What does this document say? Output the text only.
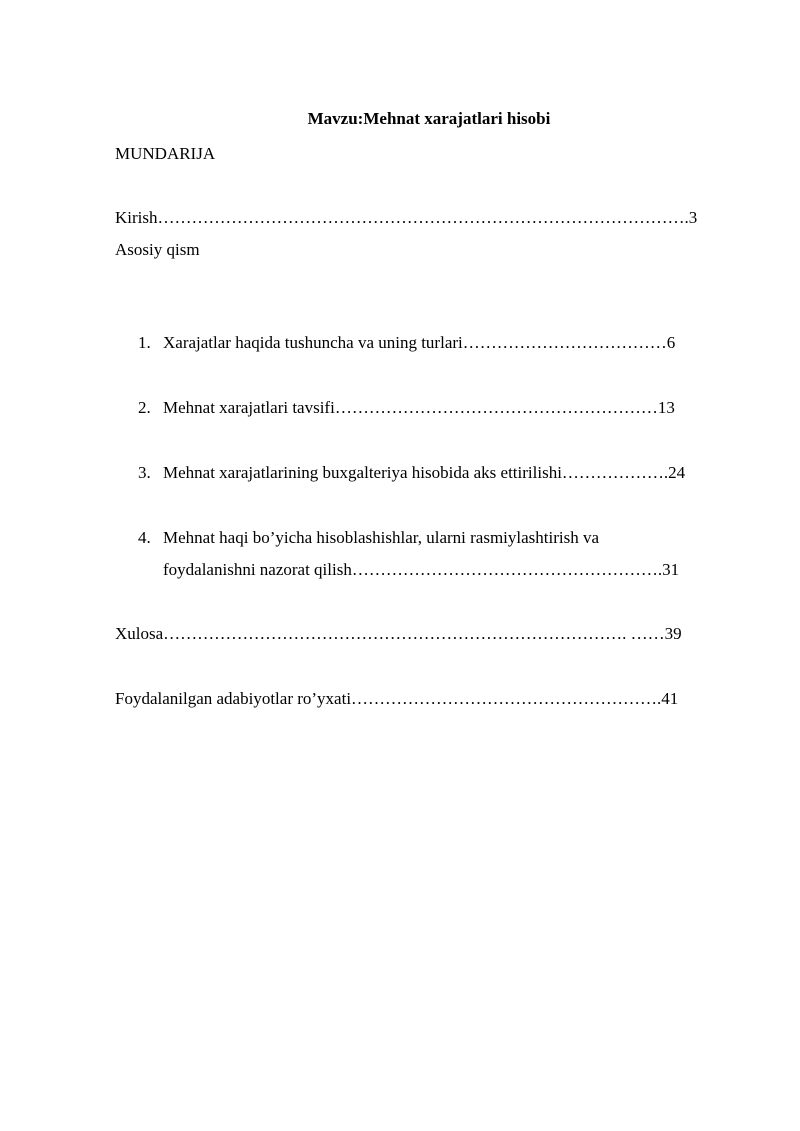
Mavzu:Mehnat xarajatlari hisobi
MUNDARIJA
Kirish………………………………………………………………………………….3
Asosiy qism
1. Xarajatlar haqida tushuncha va uning turlari………………………………6
2. Mehnat xarajatlari tavsifi…………………………………………………13
3. Mehnat xarajatlarining buxgalteriya hisobida aks ettirilishi……………….24
4. Mehnat haqi bo’yicha hisoblashishlar, ularni rasmiylashtirish va
foydalanishni nazorat qilish……………………………………………….31
Xulosa………………………………………………………………………. ……39
Foydalanilgan adabiyotlar ro’yxati……………………………………………….41
